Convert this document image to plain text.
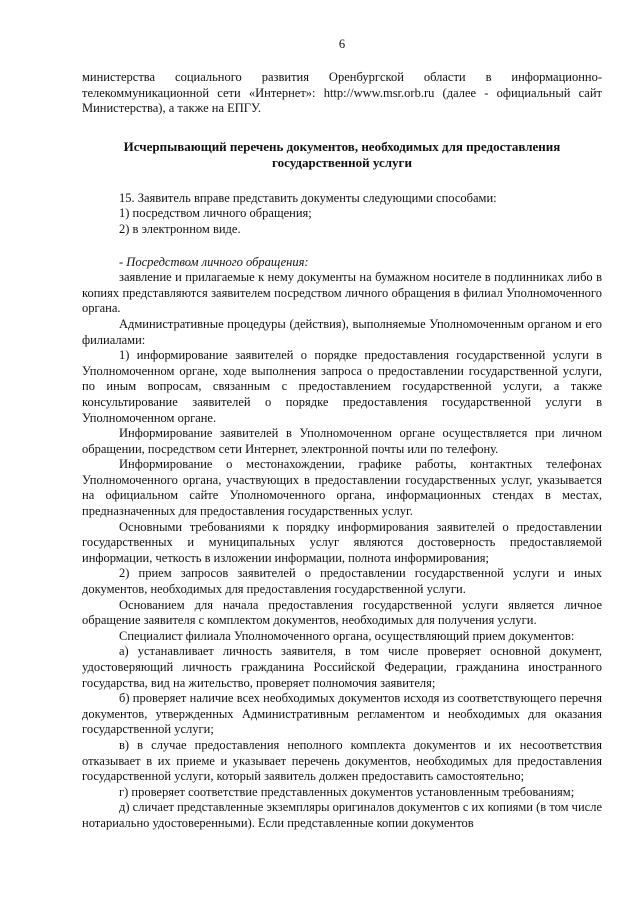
6

министерства социального развития Оренбургской области в информационно-телекоммуникационной сети «Интернет»: http://www.msr.orb.ru (далее - официальный сайт Министерства), а также на ЕПГУ.

Исчерпывающий перечень документов, необходимых для предоставления государственной услуги

15. Заявитель вправе представить документы следующими способами:

1) посредством личного обращения;

2) в электронном виде.

- Посредством личного обращения:

заявление и прилагаемые к нему документы на бумажном носителе в подлинниках либо в копиях представляются заявителем посредством личного обращения в филиал Уполномоченного органа.

Административные процедуры (действия), выполняемые Уполномоченным органом и его филиалами:

1) информирование заявителей о порядке предоставления государственной услуги в Уполномоченном органе, ходе выполнения запроса о предоставлении государственной услуги, по иным вопросам, связанным с предоставлением государственной услуги, а также консультирование заявителей о порядке предоставления государственной услуги в Уполномоченном органе.

Информирование заявителей в Уполномоченном органе осуществляется при личном обращении, посредством сети Интернет, электронной почты или по телефону.

Информирование о местонахождении, графике работы, контактных телефонах Уполномоченного органа, участвующих в предоставлении государственных услуг, указывается на официальном сайте Уполномоченного органа, информационных стендах в местах, предназначенных для предоставления государственных услуг.

Основными требованиями к порядку информирования заявителей о предоставлении государственных и муниципальных услуг являются достоверность предоставляемой информации, четкость в изложении информации, полнота информирования;

2) прием запросов заявителей о предоставлении государственной услуги и иных документов, необходимых для предоставления государственной услуги.

Основанием для начала предоставления государственной услуги является личное обращение заявителя с комплектом документов, необходимых для получения услуги.

Специалист филиала Уполномоченного органа, осуществляющий прием документов:

а) устанавливает личность заявителя, в том числе проверяет основной документ, удостоверяющий личность гражданина Российской Федерации, гражданина иностранного государства, вид на жительство, проверяет полномочия заявителя;

б) проверяет наличие всех необходимых документов исходя из соответствующего перечня документов, утвержденных Административным регламентом и необходимых для оказания государственной услуги;

в) в случае предоставления неполного комплекта документов и их несоответствия отказывает в их приеме и указывает перечень документов, необходимых для предоставления государственной услуги, который заявитель должен предоставить самостоятельно;

г) проверяет соответствие представленных документов установленным требованиям;

д) сличает представленные экземпляры оригиналов документов с их копиями (в том числе нотариально удостоверенными). Если представленные копии документов
